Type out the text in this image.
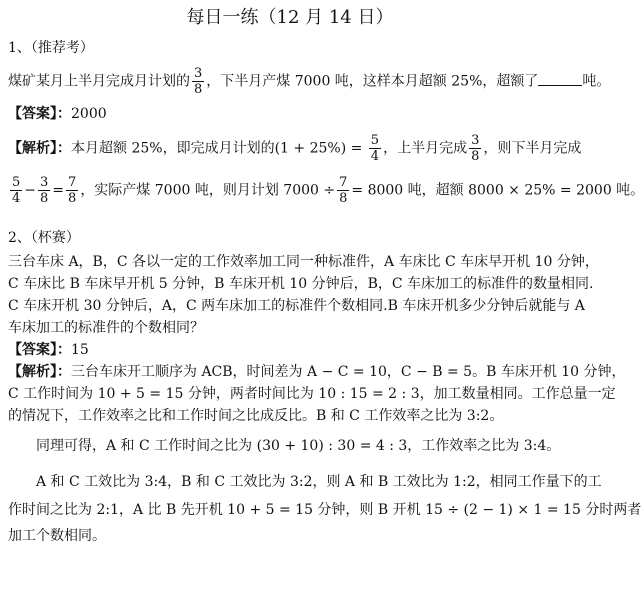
每日一练（12 月 14 日）
1、（推荐考）
煤矿某月上半月完成月计划的 $\frac{3}{8}$ ，下半月产煤 7000 吨，这样本月超额 25%，超额了	吨。
【答案】：2000
【解析】：本月超额 25%，即完成月计划的$(1 + 25\%) = \frac{5}{4}$ ，上半月完成 $\frac{3}{8}$ ，则下半月完成
$\frac{5}{4} - \frac{3}{8} = \frac{7}{8}$ ，实际产煤 7000 吨，则月计划 $7000 \div \frac{7}{8} = 8000$ 吨，超额 8000 × 25% = 2000 吨。
2、（杯赛）
三台车床 A，B，C 各以一定的工作效率加工同一种标准件，A 车床比 C 车床早开机 10 分钟，
C 车床比 B 车床早开机 5 分钟，B 车床开机 10 分钟后，B，C 车床加工的标准件的数量相同.
C 车床开机 30 分钟后，A，C 两车床加工的标准件个数相同.B 车床开机多少分钟后就能与 A
车床加工的标准件的个数相同？
【答案】：15
【解析】：三台车床开工顺序为 ACB，时间差为 A − C = 10，C − B = 5。B 车床开机 10 分钟，
C 工作时间为 10 + 5 = 15 分钟，两者时间比为 10 : 15 = 2 : 3，加工数量相同。工作总量一定
的情况下，工作效率之比和工作时间之比成反比。B 和 C 工作效率之比为 3:2。
同理可得，A 和 C 工作时间之比为 (30 + 10) : 30 = 4 : 3，工作效率之比为 3:4。
A 和 C 工效比为 3:4，B 和 C 工效比为 3:2，则 A 和 B 工效比为 1:2，相同工作量下的工
作时间之比为 2:1，A 比 B 先开机 10 + 5 = 15 分钟，则 B 开机 15 ÷ (2 − 1) × 1 = 15 分时两者
加工个数相同。
